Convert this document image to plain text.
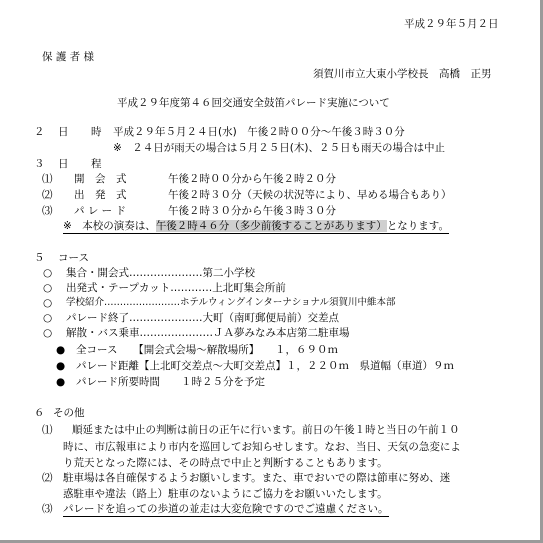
平成２９年５月２日
保 護 者 様
須賀川市立大東小学校長　高橋　正男
平成２９年度第４６回交通安全鼓笛パレード実施について
２ 日　時 平成２９年５月２４日(水)　午後２時００分～午後３時３０分
※　２４日が雨天の場合は５月２５日(木)、２５日も雨天の場合は中止
３ 日　程
⑴ 開　会　式	午後２時００分から午後２時２０分
⑵ 出　発　式	午後２時３０分（天候の状況等により、早める場合もあり）
⑶ パ レ ー ド	午後２時３０分から午後３時３０分
※　本校の演奏は、午後２時４６分（多少前後することがあります）となります。
５ コース
○ 集合・開会式…………………第二小学校
○ 出発式・テープカット…………上北町集会所前
○ 学校紹介……………………ホテルウィングインターナショナル須賀川中維本部
○ パレード終了…………………大町（南町郵便局前）交差点
○ 解散・バス乗車…………………ＪＡ夢みなみ本店第二駐車場
● 全コース　　【開会式会場～解散場所】　　１，６９０ｍ
● パレード距離【上北町交差点～大町交差点】１，２２０ｍ　県道幅（車道）９ｍ
● パレード所要時間　　１時２５分を予定
６ その他
⑴ 順延または中止の判断は前日の正午に行います。前日の午後１時と当日の午前１０
時に、市広報車により市内を巡回してお知らせします。なお、当日、天気の急変によ
り荒天となった際には、その時点で中止と判断することもあります。
⑵ 駐車場は各自確保するようお願いします。また、車でおいでの際は節車に努め、迷
惑駐車や違法（路上）駐車のないようにご協力をお願いいたします。
⑶ パレードを追っての歩道の並走は大変危険ですのでご遠慮ください。
